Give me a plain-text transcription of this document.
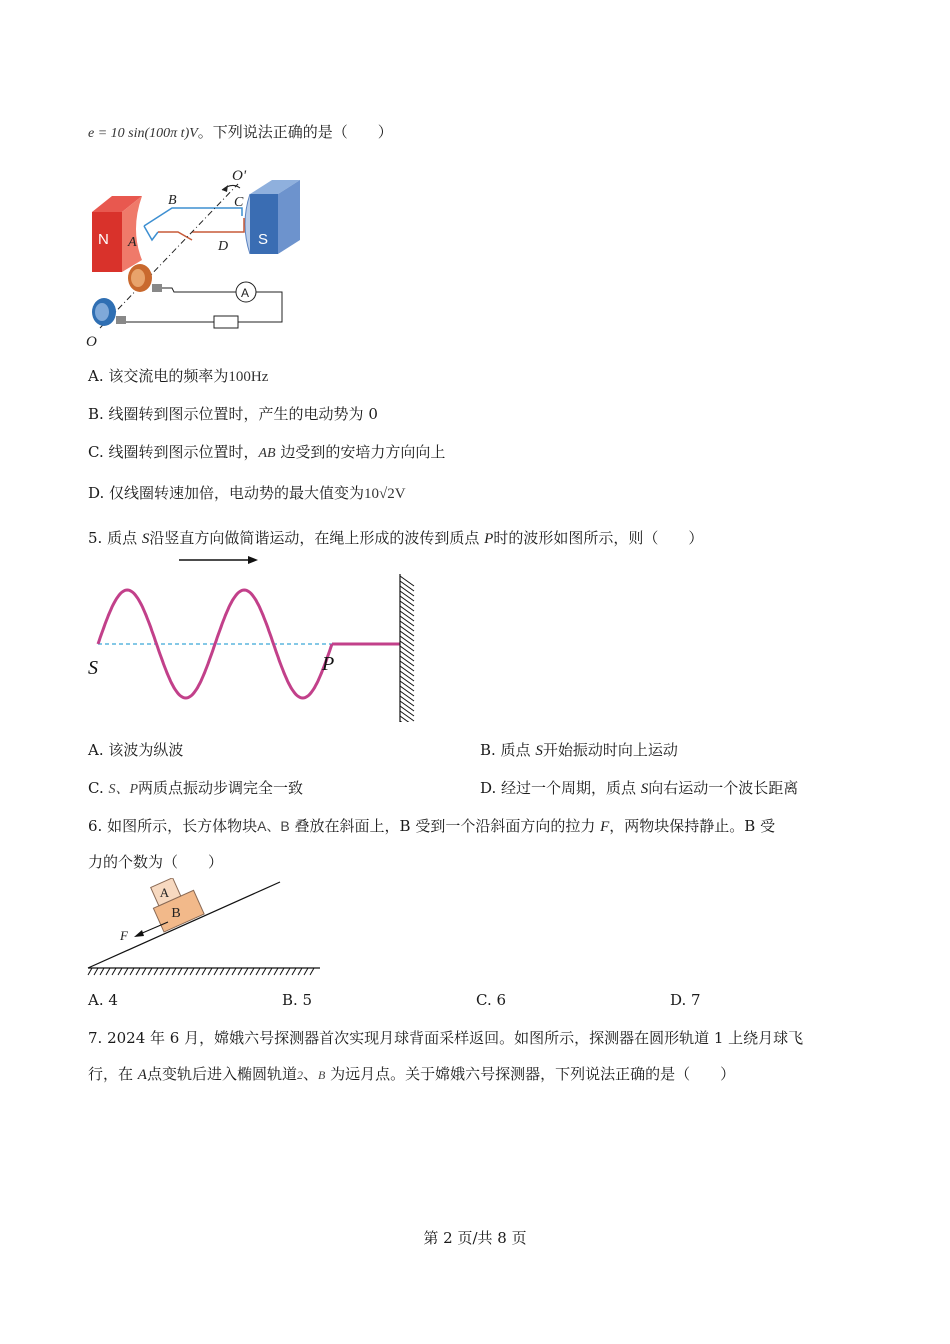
e = 10 sin(100π t)V。下列说法正确的是（　　）
N A	S
B	C
D
O'
A
O
A. 该交流电的频率为100Hz
B. 线圈转到图示位置时，产生的电动势为 0
C. 线圈转到图示位置时，AB 边受到的安培力方向向上
D. 仅线圈转速加倍，电动势的最大值变为10√2V
5. 质点 S沿竖直方向做简谐运动，在绳上形成的波传到质点 P时的波形如图所示，则（　　）
S	P
A. 该波为纵波	B. 质点 S开始振动时向上运动
C. S、P两质点振动步调完全一致	D. 经过一个周期，质点 S向右运动一个波长距离
6. 如图所示，长方体物块A、B 叠放在斜面上，B 受到一个沿斜面方向的拉力 F，两物块保持静止。B 受
力的个数为（　　）
B
A
F
A. 4	B. 5	C. 6	D. 7
7. 2024 年 6 月，嫦娥六号探测器首次实现月球背面采样返回。如图所示，探测器在圆形轨道 1 上绕月球飞
行，在 A点变轨后进入椭圆轨道2、B 为远月点。关于嫦娥六号探测器，下列说法正确的是（　　）
第 2 页/共 8 页
